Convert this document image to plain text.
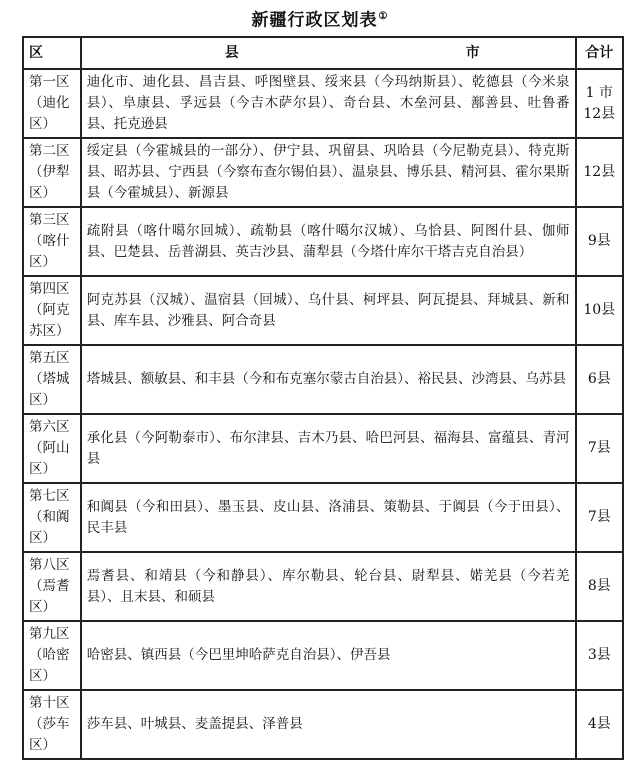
新疆行政区划表①
区	县 市	合计
第一区（迪化区）	迪化市、迪化县、昌吉县、呼图壁县、绥来县（今玛纳斯县）、乾德县（今米泉县）、阜康县、孚远县（今吉木萨尔县）、奇台县、木垒河县、鄯善县、吐鲁番县、托克逊县	1 市 12县
第二区（伊犁区）	绥定县（今霍城县的一部分）、伊宁县、巩留县、巩哈县（今尼勒克县）、特克斯县、昭苏县、宁西县（今察布查尔锡伯县）、温泉县、博乐县、精河县、霍尔果斯县（今霍城县）、新源县	12县
第三区（喀什区）	疏附县（喀什噶尔回城）、疏勒县（喀什噶尔汉城）、乌恰县、阿图什县、伽师县、巴楚县、岳普湖县、英吉沙县、蒲犁县（今塔什库尔干塔吉克自治县）	9县
第四区（阿克苏区）	阿克苏县（汉城）、温宿县（回城）、乌什县、柯坪县、阿瓦提县、拜城县、新和县、库车县、沙雅县、阿合奇县	10县
第五区（塔城区）	塔城县、额敏县、和丰县（今和布克塞尔蒙古自治县）、裕民县、沙湾县、乌苏县	6县
第六区（阿山区）	承化县（今阿勒泰市）、布尔津县、吉木乃县、哈巴河县、福海县、富蕴县、青河县	7县
第七区（和阗区）	和阗县（今和田县）、墨玉县、皮山县、洛浦县、策勒县、于阗县（今于田县）、民丰县	7县
第八区（焉耆区）	焉耆县、和靖县（今和静县）、库尔勒县、轮台县、尉犁县、婼羌县（今若羌县）、且末县、和硕县	8县
第九区（哈密区）	哈密县、镇西县（今巴里坤哈萨克自治县）、伊吾县	3县
第十区（莎车区）	莎车县、叶城县、麦盖提县、泽普县	4县
